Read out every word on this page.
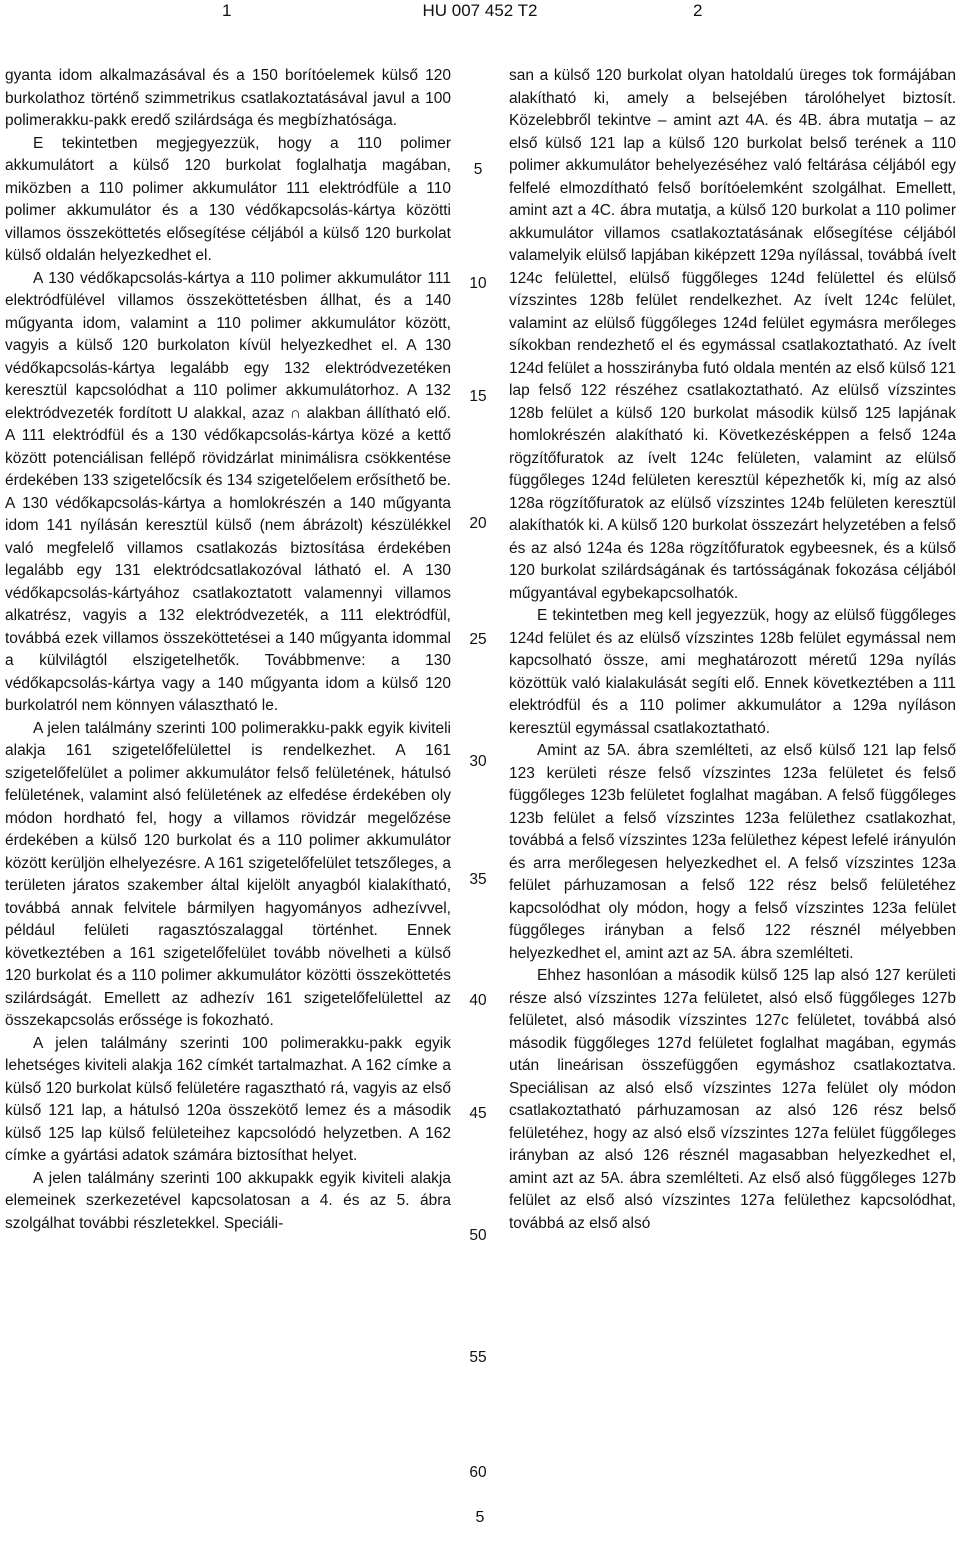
1	HU 007 452 T2	2

gyanta idom alkalmazásával és a 150 borítóelemek külső 120 burkolathoz történő szimmetrikus csatlakoztatásával javul a 100 polimerakku-pakk eredő szilárdsága és megbízhatósága.

E tekintetben megjegyezzük, hogy a 110 polimer akkumulátort a külső 120 burkolat foglalhatja magában, miközben a 110 polimer akkumulátor 111 elektródfüle a 110 polimer akkumulátor és a 130 védőkapcsolás-kártya közötti villamos összeköttetés elősegítése céljából a külső 120 burkolat külső oldalán helyezkedhet el.

A 130 védőkapcsolás-kártya a 110 polimer akkumulátor 111 elektródfülével villamos összeköttetésben állhat, és a 140 műgyanta idom, valamint a 110 polimer akkumulátor között, vagyis a külső 120 burkolaton kívül helyezkedhet el. A 130 védőkapcsolás-kártya legalább egy 132 elektródvezetéken keresztül kapcsolódhat a 110 polimer akkumulátorhoz. A 132 elektródvezeték fordított U alakkal, azaz ∩ alakban állítható elő. A 111 elektródfül és a 130 védőkapcsolás-kártya közé a kettő között potenciálisan fellépő rövidzárlat minimálisra csökkentése érdekében 133 szigetelőcsík és 134 szigetelőelem erősíthető be. A 130 védőkapcsolás-kártya a homlokrészén a 140 műgyanta idom 141 nyílásán keresztül külső (nem ábrázolt) készülékkel való megfelelő villamos csatlakozás biztosítása érdekében legalább egy 131 elektródcsatlakozóval látható el. A 130 védőkapcsolás-kártyához csatlakoztatott valamennyi villamos alkatrész, vagyis a 132 elektródvezeték, a 111 elektródfül, továbbá ezek villamos összeköttetései a 140 műgyanta idommal a külvilágtól elszigetelhetők. Továbbmenve: a 130 védőkapcsolás-kártya vagy a 140 műgyanta idom a külső 120 burkolatról nem könnyen választható le.

A jelen találmány szerinti 100 polimerakku-pakk egyik kiviteli alakja 161 szigetelőfelülettel is rendelkezhet. A 161 szigetelőfelület a polimer akkumulátor felső felületének, hátulsó felületének, valamint alsó felületének az elfedése érdekében oly módon hordható fel, hogy a villamos rövidzár megelőzése érdekében a külső 120 burkolat és a 110 polimer akkumulátor között kerüljön elhelyezésre. A 161 szigetelőfelület tetszőleges, a területen járatos szakember által kijelölt anyagból kialakítható, továbbá annak felvitele bármilyen hagyományos adhezívvel, például felületi ragasztószalaggal történhet. Ennek következtében a 161 szigetelőfelület tovább növelheti a külső 120 burkolat és a 110 polimer akkumulátor közötti összeköttetés szilárdságát. Emellett az adhezív 161 szigetelőfelülettel az összekapcsolás erőssége is fokozható.

A jelen találmány szerinti 100 polimerakku-pakk egyik lehetséges kiviteli alakja 162 címkét tartalmazhat. A 162 címke a külső 120 burkolat külső felületére ragasztható rá, vagyis az első külső 121 lap, a hátulsó 120a összekötő lemez és a második külső 125 lap külső felületeihez kapcsolódó helyzetben. A 162 címke a gyártási adatok számára biztosíthat helyet.

A jelen találmány szerinti 100 akkupakk egyik kiviteli alakja elemeinek szerkezetével kapcsolatosan a 4. és az 5. ábra szolgálhat további részletekkel. Speciáli-

san a külső 120 burkolat olyan hatoldalú üreges tok formájában alakítható ki, amely a belsejében tárolóhelyet biztosít. Közelebbről tekintve – amint azt 4A. és 4B. ábra mutatja – az első külső 121 lap a külső 120 burkolat belső terének a 110 polimer akkumulátor behelyezéséhez való feltárása céljából egy felfelé elmozdítható felső borítóelemként szolgálhat. Emellett, amint azt a 4C. ábra mutatja, a külső 120 burkolat a 110 polimer akkumulátor villamos csatlakoztatásának elősegítése céljából valamelyik elülső lapjában kiképzett 129a nyílással, továbbá ívelt 124c felülettel, elülső függőleges 124d felülettel és elülső vízszintes 128b felület rendelkezhet. Az ívelt 124c felület, valamint az elülső függőleges 124d felület egymásra merőleges síkokban rendezhető el és egymással csatlakoztatható. Az ívelt 124d felület a hosszirányba futó oldala mentén az első külső 121 lap felső 122 részéhez csatlakoztatható. Az elülső vízszintes 128b felület a külső 120 burkolat második külső 125 lapjának homlokrészén alakítható ki. Következésképpen a felső 124a rögzítőfuratok az ívelt 124c felületen, valamint az elülső függőleges 124d felületen keresztül képezhetők ki, míg az alsó 128a rögzítőfuratok az elülső vízszintes 124b felületen keresztül alakíthatók ki. A külső 120 burkolat összezárt helyzetében a felső és az alsó 124a és 128a rögzítőfuratok egybeesnek, és a külső 120 burkolat szilárdságának és tartósságának fokozása céljából műgyantával egybekapcsolhatók.

E tekintetben meg kell jegyezzük, hogy az elülső függőleges 124d felület és az elülső vízszintes 128b felület egymással nem kapcsolható össze, ami meghatározott méretű 129a nyílás közöttük való kialakulását segíti elő. Ennek következtében a 111 elektródfül és a 110 polimer akkumulátor a 129a nyíláson keresztül egymással csatlakoztatható.

Amint az 5A. ábra szemlélteti, az első külső 121 lap felső 123 kerületi része felső vízszintes 123a felületet és felső függőleges 123b felületet foglalhat magában. A felső függőleges 123b felület a felső vízszintes 123a felülethez csatlakozhat, továbbá a felső vízszintes 123a felülethez képest lefelé irányulón és arra merőlegesen helyezkedhet el. A felső vízszintes 123a felület párhuzamosan a felső 122 rész belső felületéhez kapcsolódhat oly módon, hogy a felső vízszintes 123a felület függőleges irányban a felső 122 résznél mélyebben helyezkedhet el, amint azt az 5A. ábra szemlélteti.

Ehhez hasonlóan a második külső 125 lap alsó 127 kerületi része alsó vízszintes 127a felületet, alsó első függőleges 127b felületet, alsó második vízszintes 127c felületet, továbbá alsó második függőleges 127d felületet foglalhat magában, egymás után lineárisan összefüggően egymáshoz csatlakoztatva. Speciálisan az alsó első vízszintes 127a felület oly módon csatlakoztatható párhuzamosan az alsó 126 rész belső felületéhez, hogy az alsó első vízszintes 127a felület függőleges irányban az alsó 126 résznél magasabban helyezkedhet el, amint azt az 5A. ábra szemlélteti. Az első alsó függőleges 127b felület az első alsó vízszintes 127a felülethez kapcsolódhat, továbbá az első alsó

5
10
15
20
25
30
35
40
45
50
55
60
5
